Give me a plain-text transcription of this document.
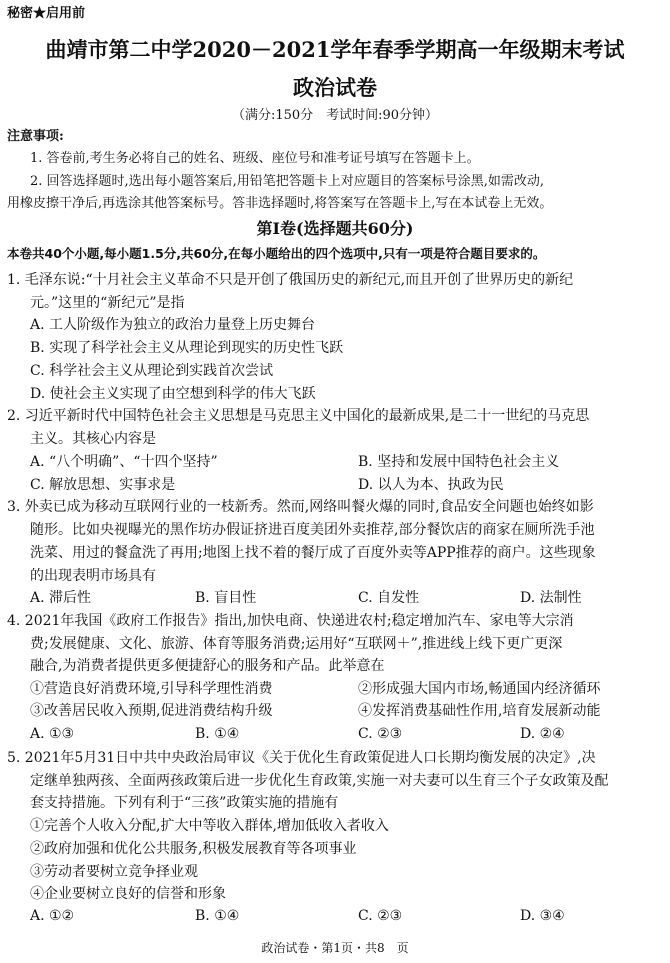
秘密★启用前
曲靖市第二中学2020－2021学年春季学期高一年级期末考试
政治试卷
（满分:150分　考试时间:90分钟）
注意事项:
1. 答卷前,考生务必将自己的姓名、班级、座位号和准考证号填写在答题卡上。
2. 回答选择题时,选出每小题答案后,用铅笔把答题卡上对应题目的答案标号涂黑,如需改动,
用橡皮擦干净后,再选涂其他答案标号。答非选择题时,将答案写在答题卡上,写在本试卷上无效。
第Ⅰ卷(选择题共60分)
本卷共40个小题,每小题1.5分,共60分,在每小题给出的四个选项中,只有一项是符合题目要求的。
1. 毛泽东说:“十月社会主义革命不只是开创了俄国历史的新纪元,而且开创了世界历史的新纪
元。”这里的“新纪元”是指
A. 工人阶级作为独立的政治力量登上历史舞台
B. 实现了科学社会主义从理论到现实的历史性飞跃
C. 科学社会主义从理论到实践首次尝试
D. 使社会主义实现了由空想到科学的伟大飞跃
2. 习近平新时代中国特色社会主义思想是马克思主义中国化的最新成果,是二十一世纪的马克思
主义。其核心内容是
A. “八个明确”、“十四个坚持”	B. 坚持和发展中国特色社会主义
C. 解放思想、实事求是	D. 以人为本、执政为民
3. 外卖已成为移动互联网行业的一枝新秀。然而,网络叫餐火爆的同时,食品安全问题也始终如影
随形。比如央视曝光的黑作坊办假证挤进百度美团外卖推荐,部分餐饮店的商家在厕所洗手池
洗菜、用过的餐盒洗了再用;地图上找不着的餐厅成了百度外卖等APP推荐的商户。这些现象
的出现表明市场具有
A. 滞后性	B. 盲目性	C. 自发性	D. 法制性
4. 2021年我国《政府工作报告》指出,加快电商、快递进农村;稳定增加汽车、家电等大宗消
费;发展健康、文化、旅游、体育等服务消费;运用好“互联网＋”,推进线上线下更广更深
融合,为消费者提供更多便捷舒心的服务和产品。此举意在
①营造良好消费环境,引导科学理性消费	②形成强大国内市场,畅通国内经济循环
③改善居民收入预期,促进消费结构升级	④发挥消费基础性作用,培育发展新动能
A. ①③	B. ①④	C. ②③	D. ②④
5. 2021年5月31日中共中央政治局审议《关于优化生育政策促进人口长期均衡发展的决定》,决
定继单独两孩、全面两孩政策后进一步优化生育政策,实施一对夫妻可以生育三个子女政策及配
套支持措施。下列有利于“三孩”政策实施的措施有
①完善个人收入分配,扩大中等收入群体,增加低收入者收入
②政府加强和优化公共服务,积极发展教育等各项事业
③劳动者要树立竞争择业观
④企业要树立良好的信誉和形象
A. ①②	B. ①④	C. ②③	D. ③④
政治试卷・第1页・共8　页
